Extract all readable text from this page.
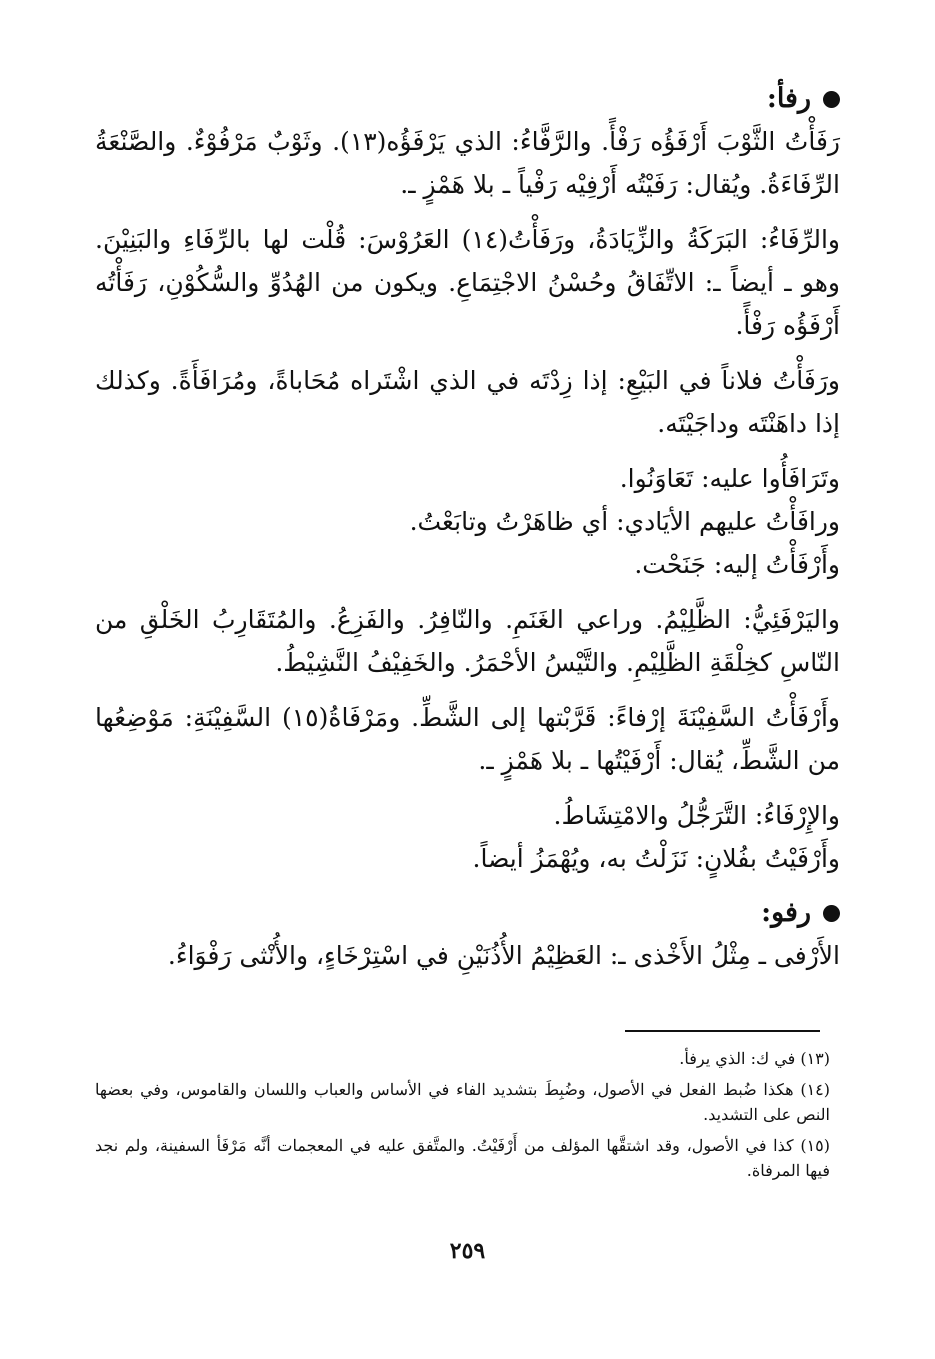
رفأ:

رَفَأْتُ الثَّوْبَ أَرْفَؤُه رَفْأً. والرَّفَّاءُ: الذي يَرْفَؤُه(١٣). وثَوْبٌ مَرْفُوْءٌ. والصَّنْعَةُ الرِّفَاءَةُ. ويُقال: رَفَيْتُه أَرْفِيْه رَفْياً ـ بلا هَمْزٍ ـ.

والرِّفَاءُ: البَرَكَةُ والزِّيَادَةُ، ورَفَأْتُ(١٤) العَرُوْسَ: قُلْت لها بالرِّفَاءِ والبَنِيْنَ. وهو ـ أيضاً ـ: الاتِّفَاقُ وحُسْنُ الاجْتِمَاعِ. ويكون من الهُدُوِّ والسُّكُوْنِ، رَفَأْتُه أَرْفَؤُه رَفْأً.

ورَفَأْتُ فلاناً في البَيْعِ: إذا زِدْتَه في الذي اشْتَراه مُحَاباةً، ومُرَافَأَةً. وكذلك إذا داهَنْتَه وداجَيْتَه.

وتَرَافَأُوا عليه: تَعَاوَنُوا.

ورافَأْتُ عليهم الأيَادي: أي ظاهَرْتُ وتابَعْتُ.

وأَرْفَأْتُ إليه: جَنَحْت.

واليَرْفَئِيُّ: الظَّلِيْمُ. وراعي الغَنَمِ. والنّافِرُ. والفَزِعُ. والمُتَقَارِبُ الخَلْقِ من النّاسِ كخِلْقَةِ الظَّلِيْمِ. والتَّيْسُ الأحْمَرُ. والخَفِيْفُ النَّشِيْطُ.

وأَرْفَأْتُ السَّفِيْنَةَ إرْفاءً: قَرَّبْتها إلى الشَّطِّ. ومَرْفَاةُ(١٥) السَّفِيْنَةِ: مَوْضِعُها من الشَّطِّ، يُقال: أَرْفَيْتُها ـ بلا هَمْزٍ ـ.

والإِرْفَاءُ: التَّرَجُّلُ والامْتِشَاطُ.

وأَرْفَيْتُ بفُلانٍ: نَزَلْتُ به، ويُهْمَزُ أيضاً.

رفو:

الأَرْفى ـ مِثْلُ الأَخْذى ـ: العَظِيْمُ الأُذُنَيْنِ في اسْتِرْخَاءٍ، والأُنْثى رَفْوَاءُ.

(١٣) في ك: الذي يرفأ.

(١٤) هكذا ضُبط الفعل في الأصول، وضُبِطَ بتشديد الفاء في الأساس والعباب واللسان والقاموس، وفي بعضها النص على التشديد.

(١٥) كذا في الأصول، وقد اشتقَّها المؤلف من أَرْفَيْتُ. والمتَّفق عليه في المعجمات أنَّه مَرْفَأ السفينة، ولم نجد فيها المرفاة.

٢٥٩
